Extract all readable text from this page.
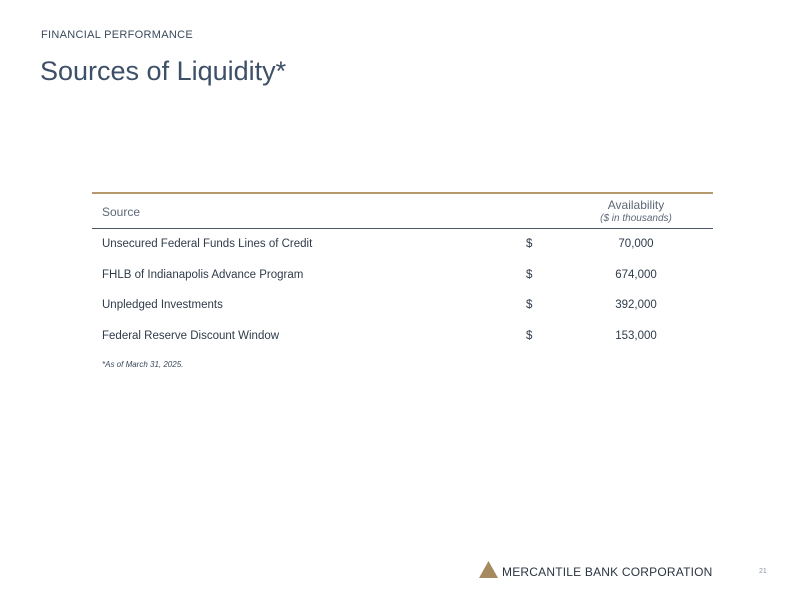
FINANCIAL PERFORMANCE
Sources of Liquidity*
Source	Availability
($ in thousands)
Unsecured Federal Funds Lines of Credit	$	70,000
FHLB of Indianapolis Advance Program	$	674,000
Unpledged Investments	$	392,000
Federal Reserve Discount Window	$	153,000
*As of March 31, 2025.
MERCANTILE BANK CORPORATION	21
